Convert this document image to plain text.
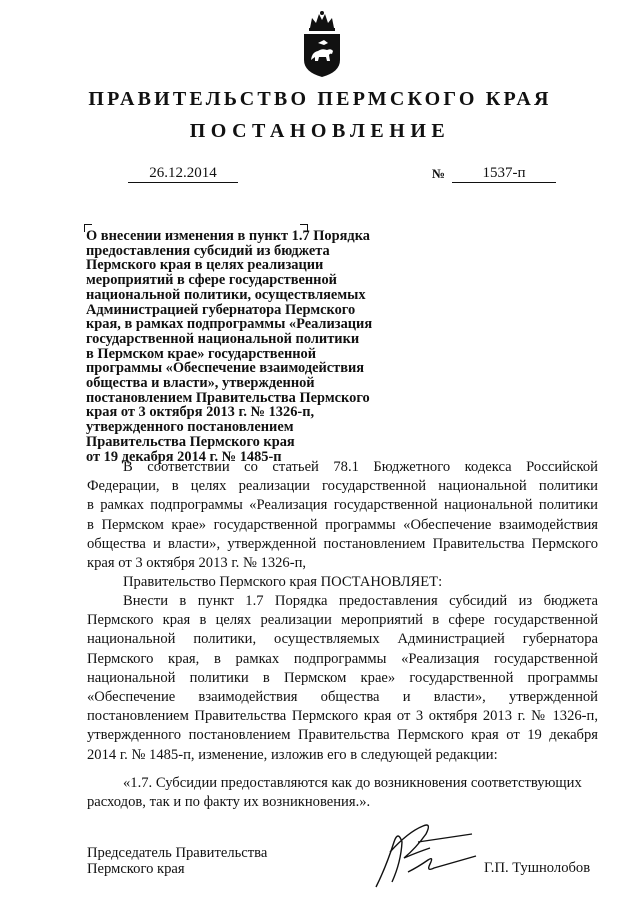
ПРАВИТЕЛЬСТВО ПЕРМСКОГО КРАЯ
ПОСТАНОВЛЕНИЕ
26.12.2014	№	1537-п
О внесении изменения в пункт 1.7 Порядка
предоставления субсидий из бюджета
Пермского края в целях реализации
мероприятий в сфере государственной
национальной политики, осуществляемых
Администрацией губернатора Пермского
края, в рамках подпрограммы «Реализация
государственной национальной политики
в Пермском крае» государственной
программы «Обеспечение взаимодействия
общества и власти», утвержденной
постановлением Правительства Пермского
края от 3 октября 2013 г. № 1326-п,
утвержденного постановлением
Правительства Пермского края
от 19 декабря 2014 г. № 1485-п
В соответствии со статьей 78.1 Бюджетного кодекса Российской
Федерации, в целях реализации государственной национальной политики
в рамках подпрограммы «Реализация государственной национальной политики
в Пермском крае» государственной программы «Обеспечение взаимодействия
общества и власти», утвержденной постановлением Правительства Пермского
края от 3 октября 2013 г. № 1326-п,
Правительство Пермского края ПОСТАНОВЛЯЕТ:
Внести в пункт 1.7 Порядка предоставления субсидий из бюджета
Пермского края в целях реализации мероприятий в сфере государственной
национальной политики, осуществляемых Администрацией губернатора
Пермского края, в рамках подпрограммы «Реализация государственной
национальной политики в Пермском крае» государственной программы
«Обеспечение взаимодействия общества и власти», утвержденной
постановлением Правительства Пермского края от 3 октября 2013 г. № 1326-п,
утвержденного постановлением Правительства Пермского края от 19 декабря
2014 г. № 1485-п, изменение, изложив его в следующей редакции:
«1.7. Субсидии предоставляются как до возникновения соответствующих
расходов, так и по факту их возникновения.».
Председатель Правительства
Пермского края	Г.П. Тушнолобов
